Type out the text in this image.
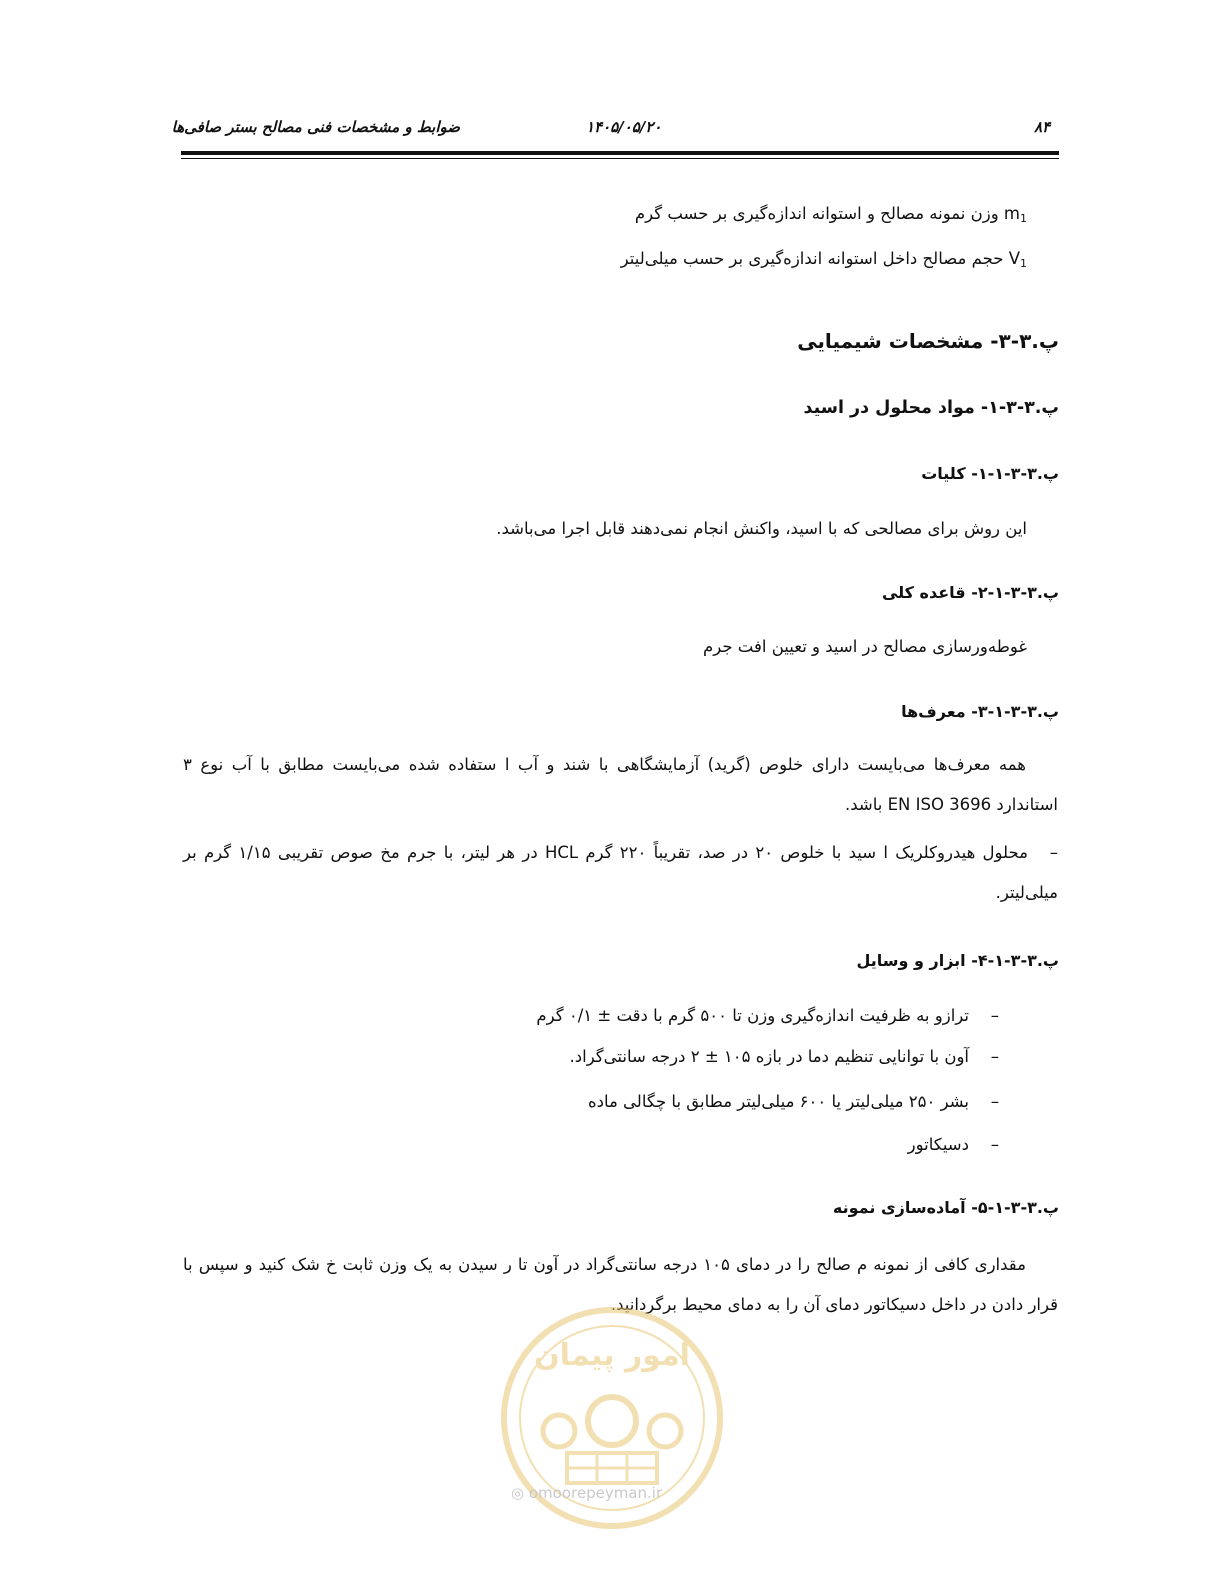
ضوابط و مشخصات فنی مصالح بستر صافی‌ها	۱۴۰۵/۰۵/۲۰	۸۴
$m_1$ وزن نمونه مصالح و استوانه اندازه‌گیری بر حسب گرم
$V_1$ حجم مصالح داخل استوانه اندازه‌گیری بر حسب میلی‌لیتر
پ.۳-۳- مشخصات شیمیایی
پ.۳-۳-۱- مواد محلول در اسید
پ.۳-۳-۱-۱- کلیات
این روش برای مصالحی که با اسید، واکنش انجام نمی‌دهند قابل اجرا می‌باشد.
پ.۳-۳-۱-۲- قاعده کلی
غوطه‌ورسازی مصالح در اسید و تعیین افت جرم
پ.۳-۳-۱-۳- معرف‌ها
همه معرف‌ها می‌بایست دارای خلوص (گرید) آزمایشگاهی با شند و آب ا ستفاده شده می‌بایست مطابق با آب نوع ۳ استاندارد EN ISO 3696 باشد.
–محلول هیدروکلریک ا سید با خلوص ۲۰ در صد، تقریباً ۲۲۰ گرم HCL در هر لیتر، با جرم مخ صوص تقریبی ۱/۱۵ گرم بر میلی‌لیتر.
پ.۳-۳-۱-۴- ابزار و وسایل
–ترازو به ظرفیت اندازه‌گیری وزن تا ۵۰۰ گرم با دقت ± ۰/۱ گرم
–آون با توانایی تنظیم دما در بازه ۱۰۵ ± ۲ درجه سانتی‌گراد.
–بشر ۲۵۰ میلی‌لیتر یا ۶۰۰ میلی‌لیتر مطابق با چگالی ماده
–دسیکاتور
پ.۳-۳-۱-۵- آماده‌سازی نمونه
مقداری کافی از نمونه م صالح را در دمای ۱۰۵ درجه سانتی‌گراد در آون تا ر سیدن به یک وزن ثابت خ شک کنید و سپس با قرار دادن در داخل دسیکاتور دمای آن را به دمای محیط برگردانید.
امور پیمان
◎ omoorepeyman.ir
